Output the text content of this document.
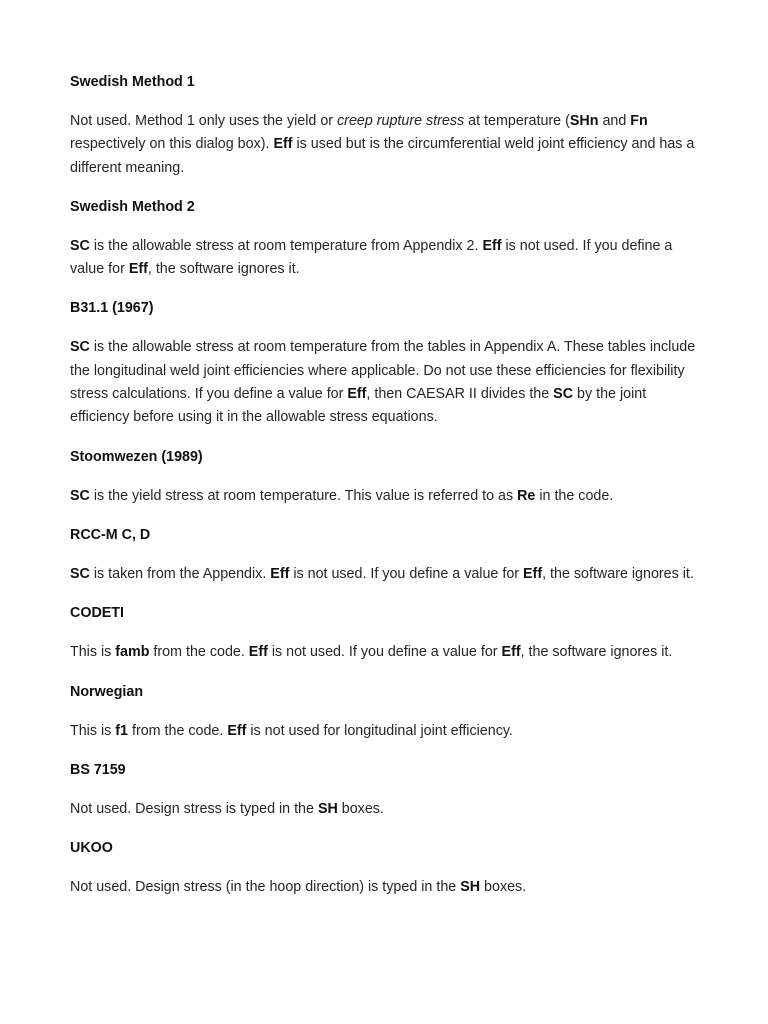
Swedish Method 1
Not used. Method 1 only uses the yield or creep rupture stress at temperature (SHn and Fn respectively on this dialog box). Eff is used but is the circumferential weld joint efficiency and has a different meaning.
Swedish Method 2
SC is the allowable stress at room temperature from Appendix 2. Eff is not used. If you define a value for Eff, the software ignores it.
B31.1 (1967)
SC is the allowable stress at room temperature from the tables in Appendix A. These tables include the longitudinal weld joint efficiencies where applicable. Do not use these efficiencies for flexibility stress calculations. If you define a value for Eff, then CAESAR II divides the SC by the joint efficiency before using it in the allowable stress equations.
Stoomwezen (1989)
SC is the yield stress at room temperature. This value is referred to as Re in the code.
RCC-M C, D
SC is taken from the Appendix. Eff is not used. If you define a value for Eff, the software ignores it.
CODETI
This is famb from the code. Eff is not used. If you define a value for Eff, the software ignores it.
Norwegian
This is f1 from the code. Eff is not used for longitudinal joint efficiency.
BS 7159
Not used. Design stress is typed in the SH boxes.
UKOO
Not used. Design stress (in the hoop direction) is typed in the SH boxes.
